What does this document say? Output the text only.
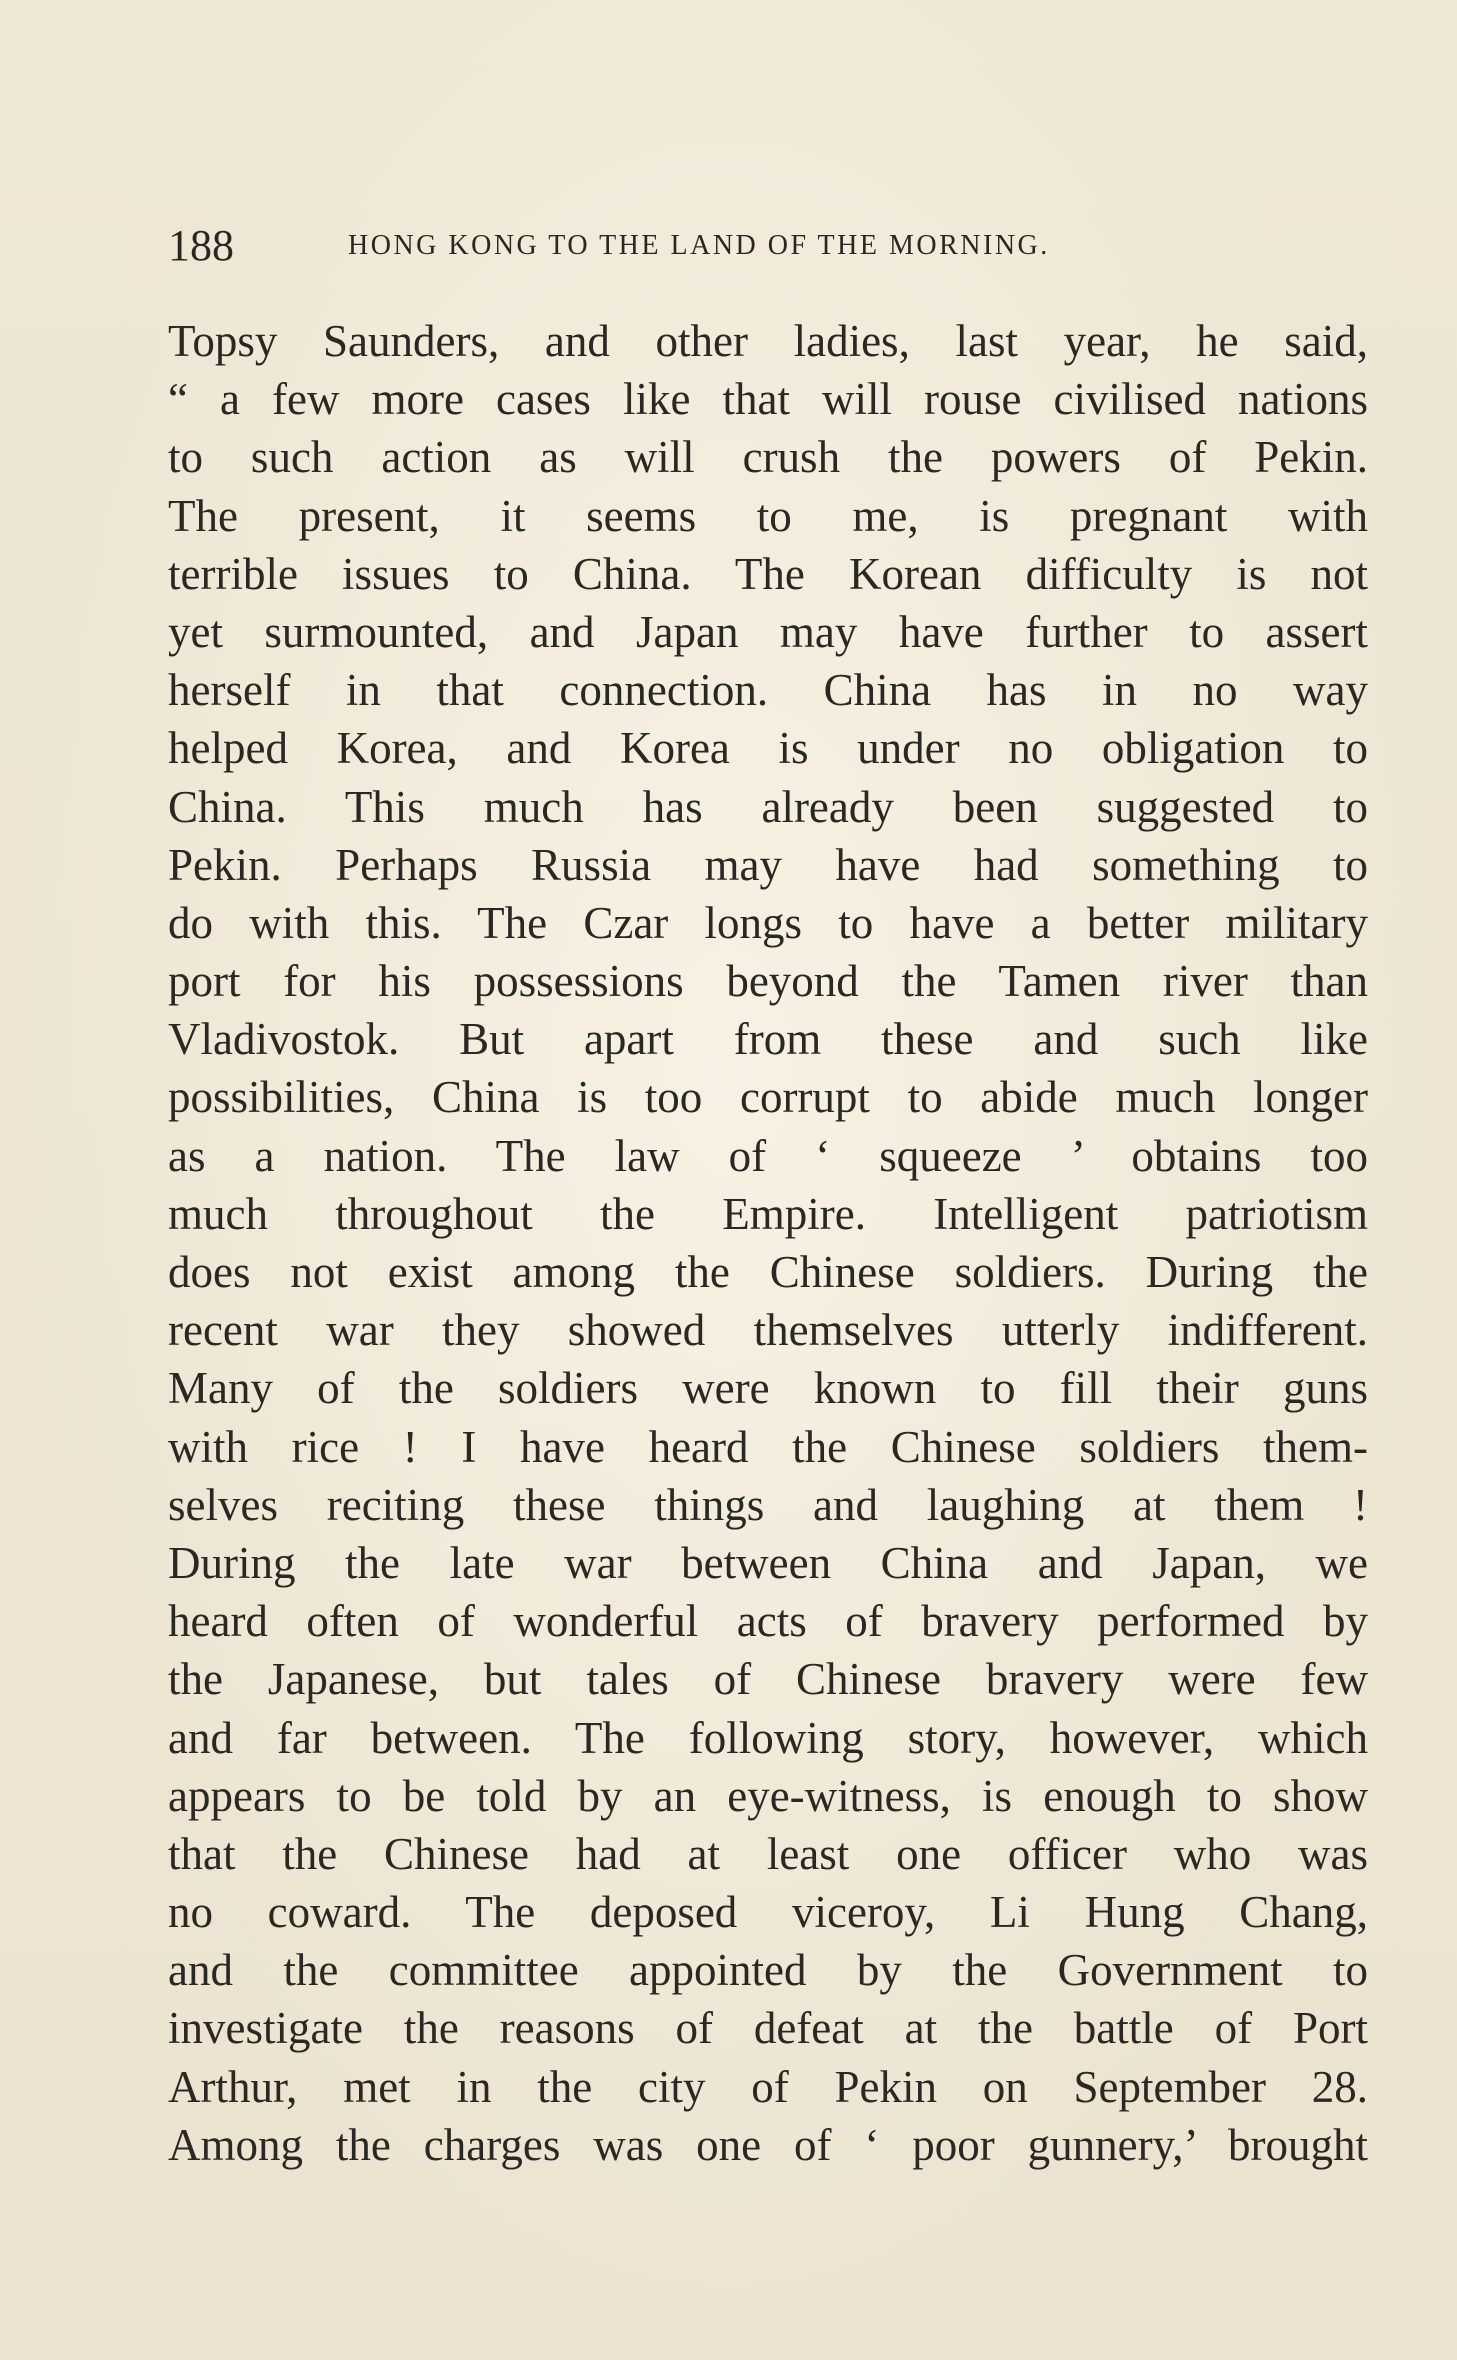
188	HONG KONG TO THE LAND OF THE MORNING.
Topsy Saunders, and other ladies, last year, he said,
“ a few more cases like that will rouse civilised nations
to such action as will crush the powers of Pekin.
The present, it seems to me, is pregnant with
terrible issues to China. The Korean difficulty is not
yet surmounted, and Japan may have further to assert
herself in that connection. China has in no way
helped Korea, and Korea is under no obligation to
China. This much has already been suggested to
Pekin. Perhaps Russia may have had something to
do with this. The Czar longs to have a better military
port for his possessions beyond the Tamen river than
Vladivostok. But apart from these and such like
possibilities, China is too corrupt to abide much longer
as a nation. The law of ‘ squeeze ’ obtains too
much throughout the Empire. Intelligent patriotism
does not exist among the Chinese soldiers. During the
recent war they showed themselves utterly indifferent.
Many of the soldiers were known to fill their guns
with rice ! I have heard the Chinese soldiers them-
selves reciting these things and laughing at them !
During the late war between China and Japan, we
heard often of wonderful acts of bravery performed by
the Japanese, but tales of Chinese bravery were few
and far between. The following story, however, which
appears to be told by an eye-witness, is enough to show
that the Chinese had at least one officer who was
no coward. The deposed viceroy, Li Hung Chang,
and the committee appointed by the Government to
investigate the reasons of defeat at the battle of Port
Arthur, met in the city of Pekin on September 28.
Among the charges was one of ‘ poor gunnery,’ brought
